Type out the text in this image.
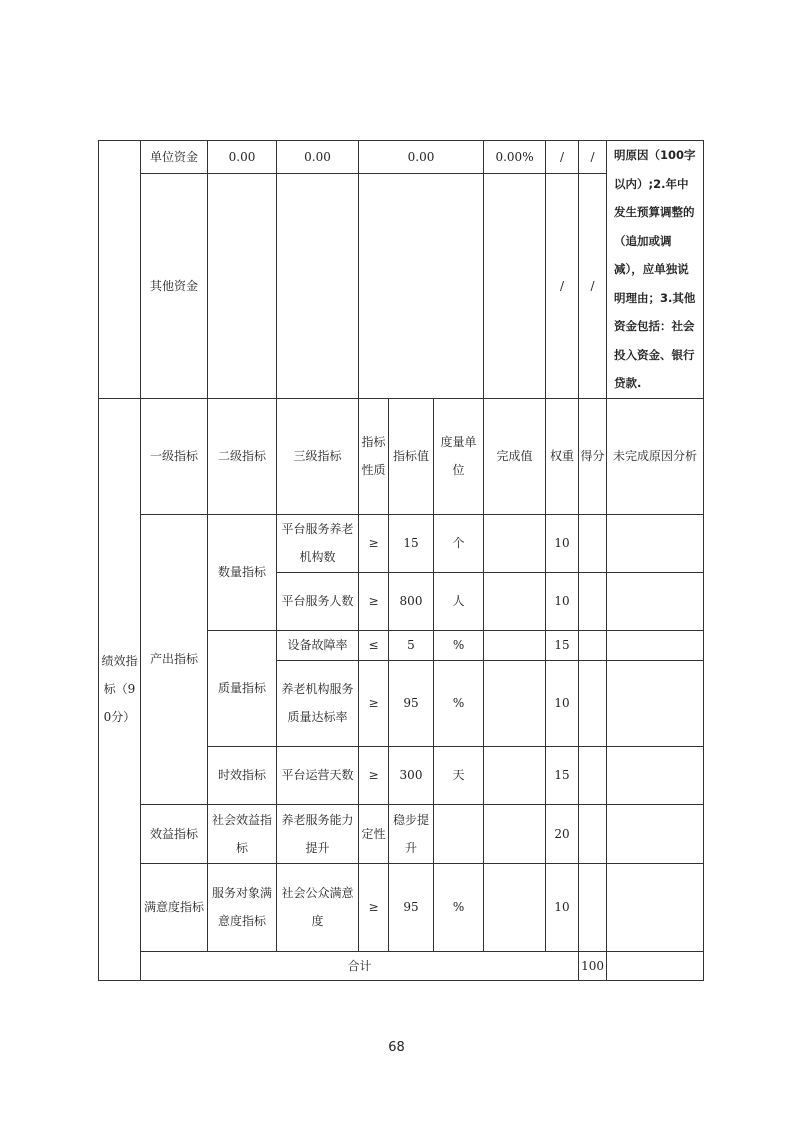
	单位资金	0.00	0.00	0.00			0.00%	/	/	明原因（100字以内）;2.年中发生预算调整的（追加或调减），应单独说明理由；3.其他资金包括：社会投入资金、银行贷款.	
	其他资金							/	/		
绩效指标（90分）	一级指标	二级指标	三级指标	指标性质	指标值	度量单位	完成值	权重	得分	未完成原因分析	
	产出指标	数量指标	平台服务养老机构数	≥	15	个		10			
			平台服务人数	≥	800	人		10			
		质量指标	设备故障率	≤	5	%		15			
			养老机构服务质量达标率	≥	95	%		10			
		时效指标	平台运营天数	≥	300	天		15			
	效益指标	社会效益指标	养老服务能力提升	定性	稳步提升			20			
	满意度指标	服务对象满意度指标	社会公众满意度	≥	95	%		10			
	合计								100		
68
